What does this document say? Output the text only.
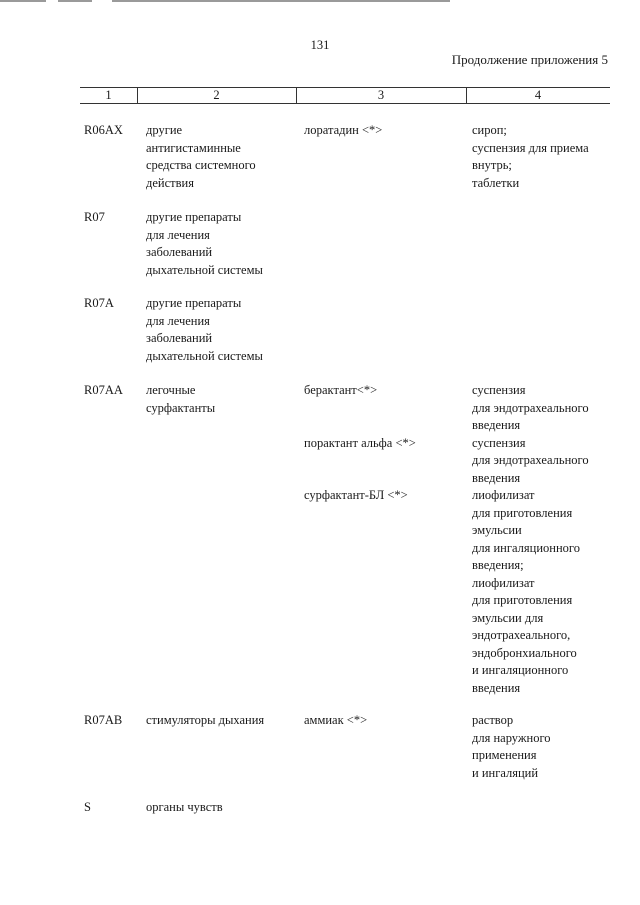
131
Продолжение приложения 5
1	2	3	4
R06AX другие
антигистаминные
средства системного
действия
лоратадин <*>	сироп;
суспензия для приема
внутрь;
таблетки
R07	другие препараты
для лечения
заболеваний
дыхательной системы
R07A	другие препараты
для лечения
заболеваний
дыхательной системы
R07AA легочные
сурфактанты
берактант<*>	суспензия
для эндотрахеального
введения
порактант альфа <*>	суспензия
для эндотрахеального
введения
сурфактант-БЛ <*>	лиофилизат
для приготовления
эмульсии
для ингаляционного
введения;
лиофилизат
для приготовления
эмульсии для
эндотрахеального,
эндобронхиального
и ингаляционного
введения
R07AB стимуляторы дыхания	аммиак <*>	раствор
для наружного
применения
и ингаляций
S	органы чувств
